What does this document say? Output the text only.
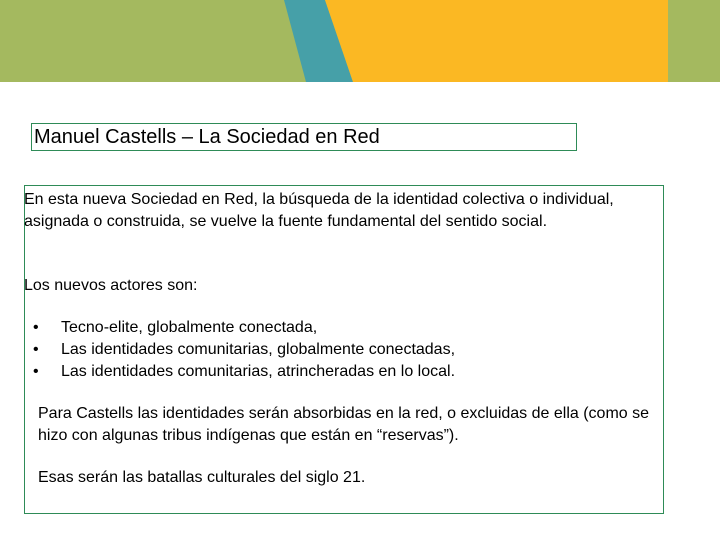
Manuel Castells – La Sociedad en Red

En esta nueva Sociedad en Red, la búsqueda de la identidad colectiva o individual, asignada o construida, se vuelve la fuente fundamental del sentido social.

Los nuevos actores son:

• Tecno-elite, globalmente conectada,
• Las identidades comunitarias, globalmente conectadas,
• Las identidades comunitarias, atrincheradas en lo local.

Para Castells las identidades serán absorbidas en la red, o excluidas de ella (como se hizo con algunas tribus indígenas que están en “reservas”).

Esas serán las batallas culturales del siglo 21.
